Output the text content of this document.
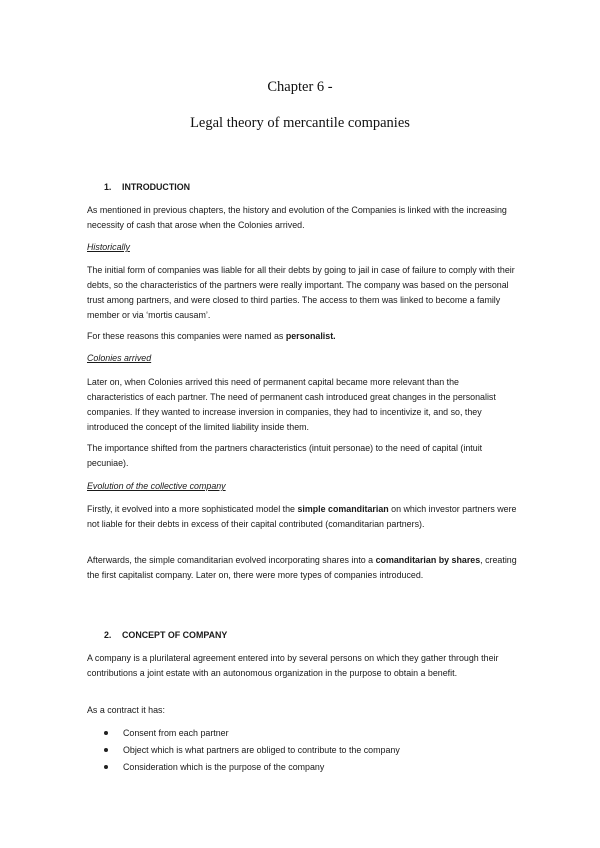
Chapter 6 -
Legal theory of mercantile companies
1. INTRODUCTION
As mentioned in previous chapters, the history and evolution of the Companies is linked with the increasing necessity of cash that arose when the Colonies arrived.
Historically
The initial form of companies was liable for all their debts by going to jail in case of failure to comply with their debts, so the characteristics of the partners were really important. The company was based on the personal trust among partners, and were closed to third parties. The access to them was linked to become a family member or via ‘mortis causam’.
For these reasons this companies were named as personalist.
Colonies arrived
Later on, when Colonies arrived this need of permanent capital became more relevant than the characteristics of each partner. The need of permanent cash introduced great changes in the personalist companies. If they wanted to increase inversion in companies, they had to incentivize it, and so, they introduced the concept of the limited liability inside them.
The importance shifted from the partners characteristics (intuit personae) to the need of capital (intuit pecuniae).
Evolution of the collective company
Firstly, it evolved into a more sophisticated model the simple comanditarian on which investor partners were not liable for their debts in excess of their capital contributed (comanditarian partners).
Afterwards, the simple comanditarian evolved incorporating shares into a comanditarian by shares, creating the first capitalist company. Later on, there were more types of companies introduced.
2. CONCEPT OF COMPANY
A company is a plurilateral agreement entered into by several persons on which they gather through their contributions a joint estate with an autonomous organization in the purpose to obtain a benefit.
As a contract it has:
Consent from each partner
Object which is what partners are obliged to contribute to the company
Consideration which is the purpose of the company
